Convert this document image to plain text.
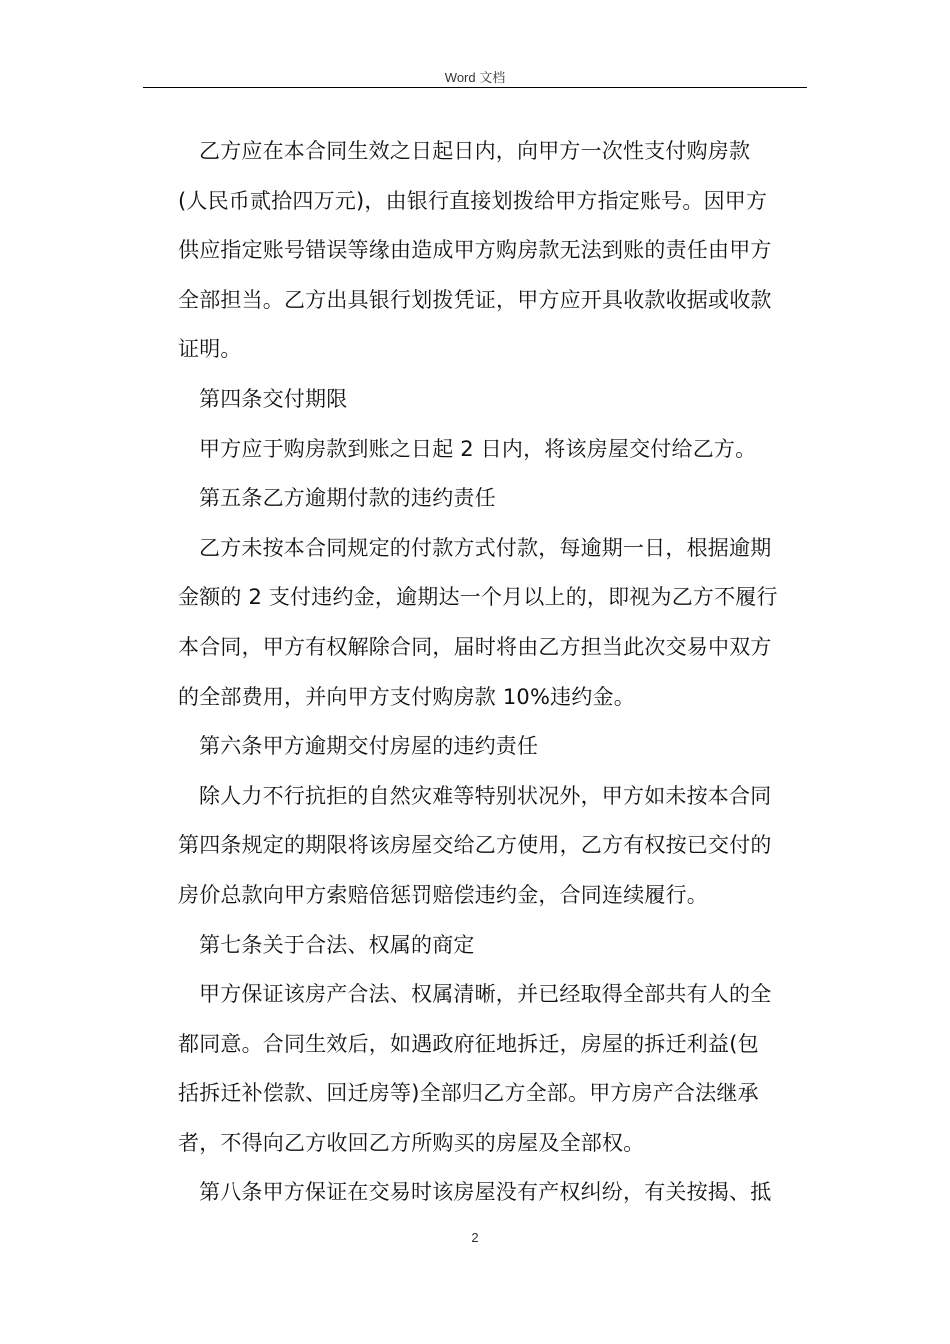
Word 文档

乙方应在本合同生效之日起日内，向甲方一次性支付购房款
(人民币贰拾四万元)，由银行直接划拨给甲方指定账号。因甲方
供应指定账号错误等缘由造成甲方购房款无法到账的责任由甲方
全部担当。乙方出具银行划拨凭证，甲方应开具收款收据或收款
证明。

第四条交付期限

甲方应于购房款到账之日起 2 日内，将该房屋交付给乙方。

第五条乙方逾期付款的违约责任

乙方未按本合同规定的付款方式付款，每逾期一日，根据逾期
金额的 2 支付违约金，逾期达一个月以上的，即视为乙方不履行
本合同，甲方有权解除合同，届时将由乙方担当此次交易中双方
的全部费用，并向甲方支付购房款 10%违约金。

第六条甲方逾期交付房屋的违约责任

除人力不行抗拒的自然灾难等特别状况外，甲方如未按本合同
第四条规定的期限将该房屋交给乙方使用，乙方有权按已交付的
房价总款向甲方索赔倍惩罚赔偿违约金，合同连续履行。

第七条关于合法、权属的商定

甲方保证该房产合法、权属清晰，并已经取得全部共有人的全
都同意。合同生效后，如遇政府征地拆迁，房屋的拆迁利益(包
括拆迁补偿款、回迁房等)全部归乙方全部。甲方房产合法继承
者，不得向乙方收回乙方所购买的房屋及全部权。

第八条甲方保证在交易时该房屋没有产权纠纷，有关按揭、抵

2
